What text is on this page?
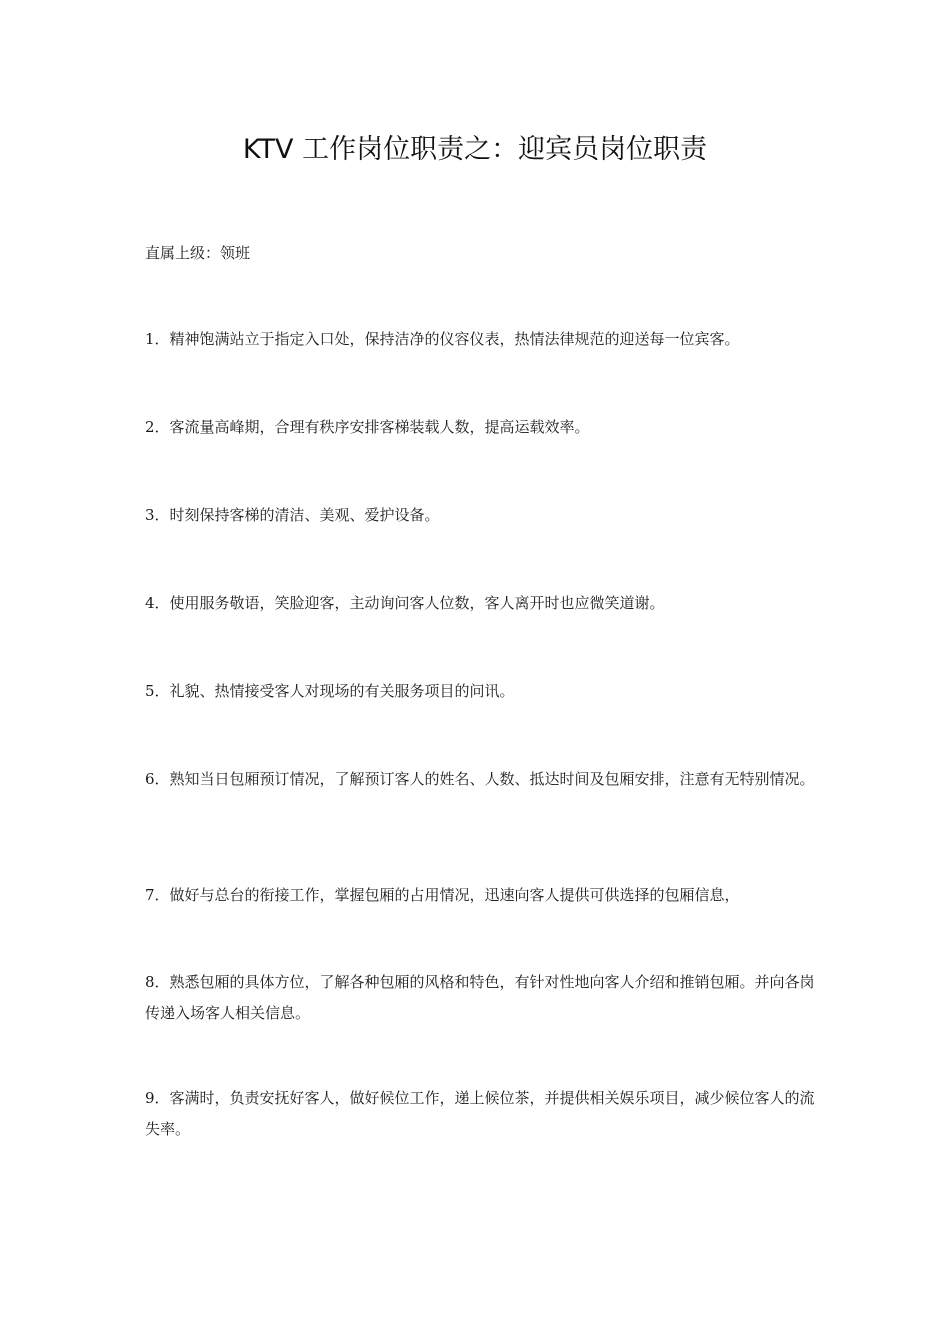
KTV 工作岗位职责之：迎宾员岗位职责

直属上级：领班

1．精神饱满站立于指定入口处，保持洁净的仪容仪表，热情法律规范的迎送每一位宾客。

2．客流量高峰期，合理有秩序安排客梯装载人数，提高运载效率。

3．时刻保持客梯的清洁、美观、爱护设备。

4．使用服务敬语，笑脸迎客，主动询问客人位数，客人离开时也应微笑道谢。

5．礼貌、热情接受客人对现场的有关服务项目的问讯。

6．熟知当日包厢预订情况，了解预订客人的姓名、人数、抵达时间及包厢安排，注意有无特别情况。

7．做好与总台的衔接工作，掌握包厢的占用情况，迅速向客人提供可供选择的包厢信息，

8．熟悉包厢的具体方位，了解各种包厢的风格和特色，有针对性地向客人介绍和推销包厢。并向各岗传递入场客人相关信息。

9．客满时，负责安抚好客人，做好候位工作，递上候位茶，并提供相关娱乐项目，减少候位客人的流失率。
